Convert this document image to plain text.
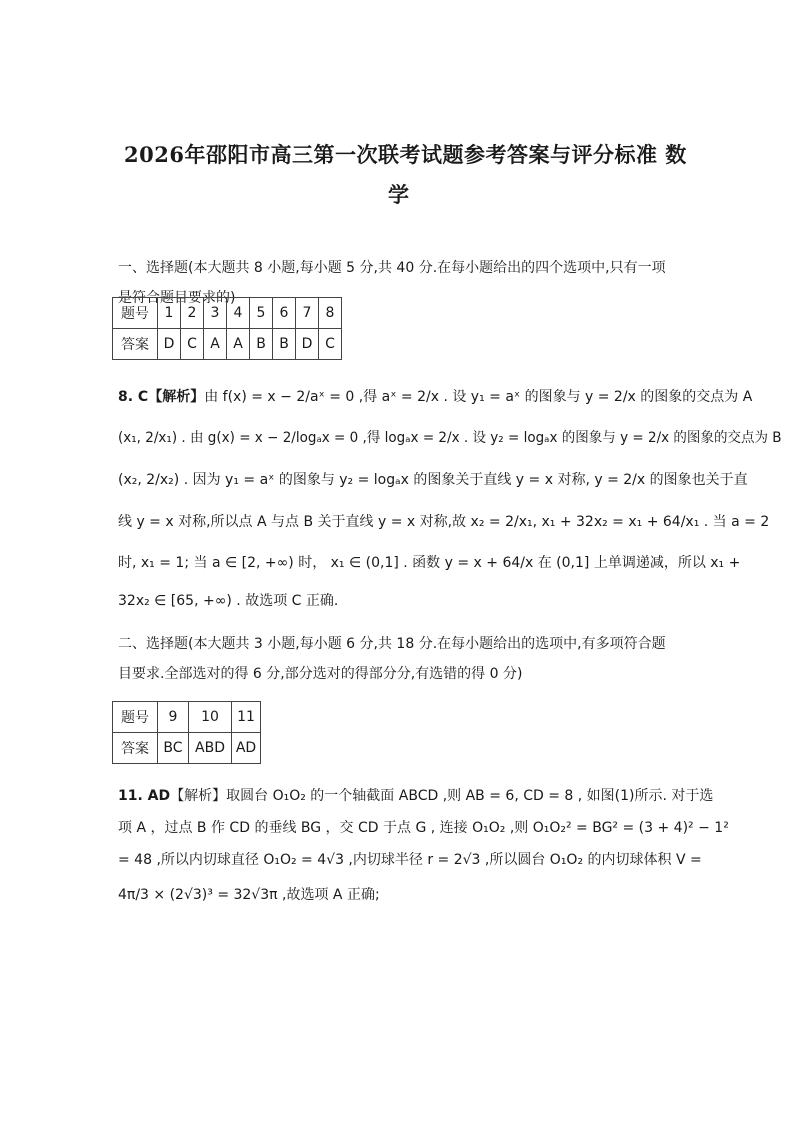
2026年邵阳市高三第一次联考试题参考答案与评分标准 数
学
一、选择题(本大题共 8 小题,每小题 5 分,共 40 分.在每小题给出的四个选项中,只有一项
是符合题目要求的)
题号	1	2	3	4	5	6	7	8
答案	D	C	A	A	B	B	D	C
8. C【解析】由 f(x) = x − 2/aˣ = 0 ,得 aˣ = 2/x . 设 y₁ = aˣ 的图象与 y = 2/x 的图象的交点为 A
(x₁, 2/x₁) . 由 g(x) = x − 2/logₐx = 0 ,得 logₐx = 2/x . 设 y₂ = logₐx 的图象与 y = 2/x 的图象的交点为 B
(x₂, 2/x₂) . 因为 y₁ = aˣ 的图象与 y₂ = logₐx 的图象关于直线 y = x 对称, y = 2/x 的图象也关于直
线 y = x 对称,所以点 A 与点 B 关于直线 y = x 对称,故 x₂ = 2/x₁, x₁ + 32x₂ = x₁ + 64/x₁ . 当 a = 2
时, x₁ = 1; 当 a ∈ [2, +∞) 时， x₁ ∈ (0,1] . 函数 y = x + 64/x 在 (0,1] 上单调递减，所以 x₁ +
32x₂ ∈ [65, +∞) . 故选项 C 正确.
二、选择题(本大题共 3 小题,每小题 6 分,共 18 分.在每小题给出的选项中,有多项符合题
目要求.全部选对的得 6 分,部分选对的得部分分,有选错的得 0 分)
题号	9	10	11
答案	BC	ABD	AD
11. AD【解析】取圆台 O₁O₂ 的一个轴截面 ABCD ,则 AB = 6, CD = 8 , 如图(1)所示. 对于选
项 A ，过点 B 作 CD 的垂线 BG ，交 CD 于点 G , 连接 O₁O₂ ,则 O₁O₂² = BG² = (3 + 4)² − 1²
= 48 ,所以内切球直径 O₁O₂ = 4√3 ,内切球半径 r = 2√3 ,所以圆台 O₁O₂ 的内切球体积 V =
4π/3 × (2√3)³ = 32√3π ,故选项 A 正确;
